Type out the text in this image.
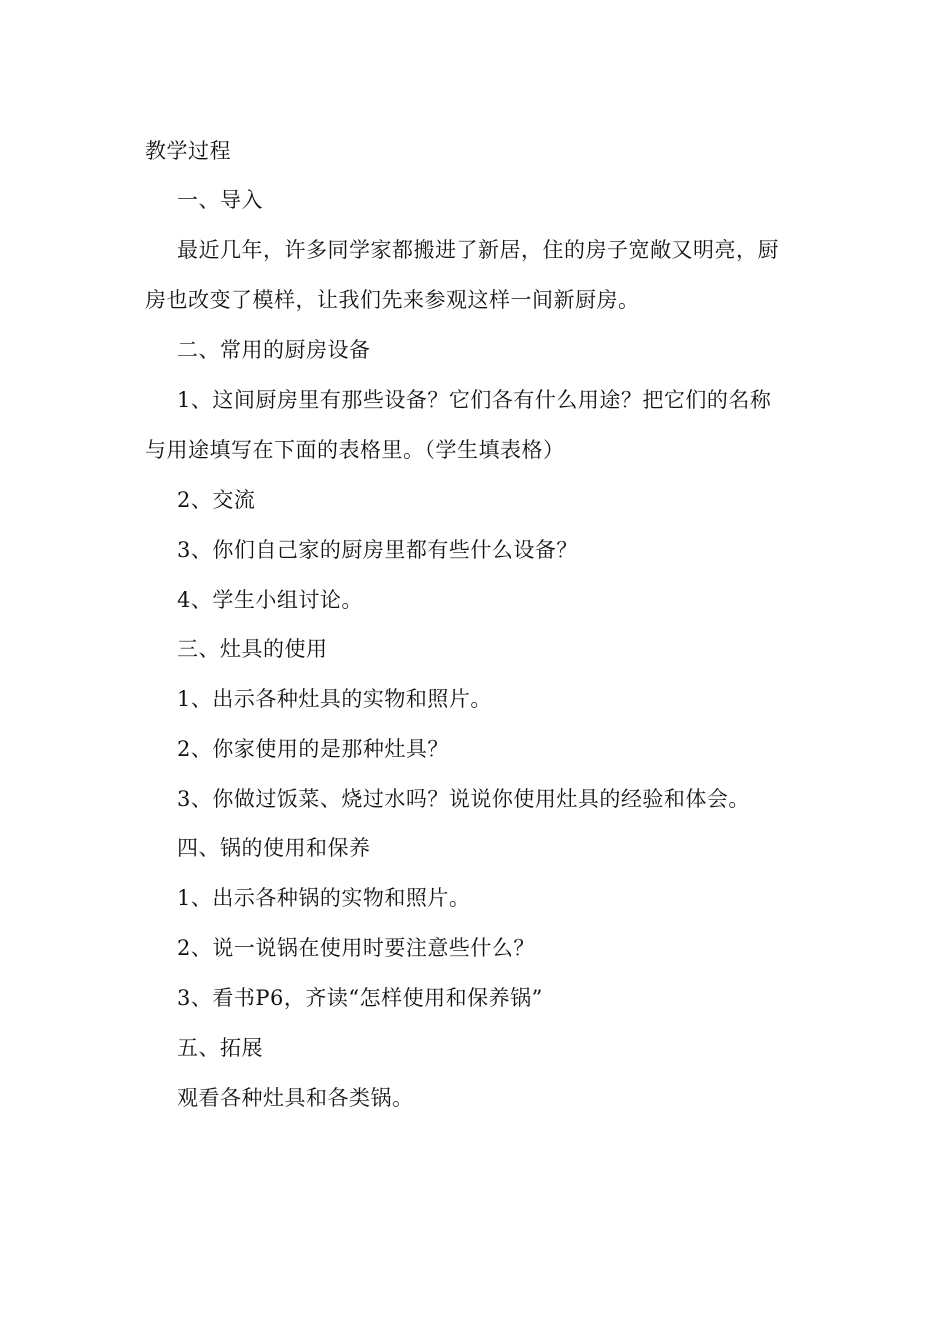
教学过程
一、导入
最近几年，许多同学家都搬进了新居，住的房子宽敞又明亮，厨
房也改变了模样，让我们先来参观这样一间新厨房。
二、常用的厨房设备
1、这间厨房里有那些设备？它们各有什么用途？把它们的名称
与用途填写在下面的表格里。（学生填表格）
2、交流
3、你们自己家的厨房里都有些什么设备？
4、学生小组讨论。
三、灶具的使用
1、出示各种灶具的实物和照片。
2、你家使用的是那种灶具？
3、你做过饭菜、烧过水吗？说说你使用灶具的经验和体会。
四、锅的使用和保养
1、出示各种锅的实物和照片。
2、说一说锅在使用时要注意些什么？
3、看书P6，齐读“怎样使用和保养锅”
五、拓展
观看各种灶具和各类锅。
